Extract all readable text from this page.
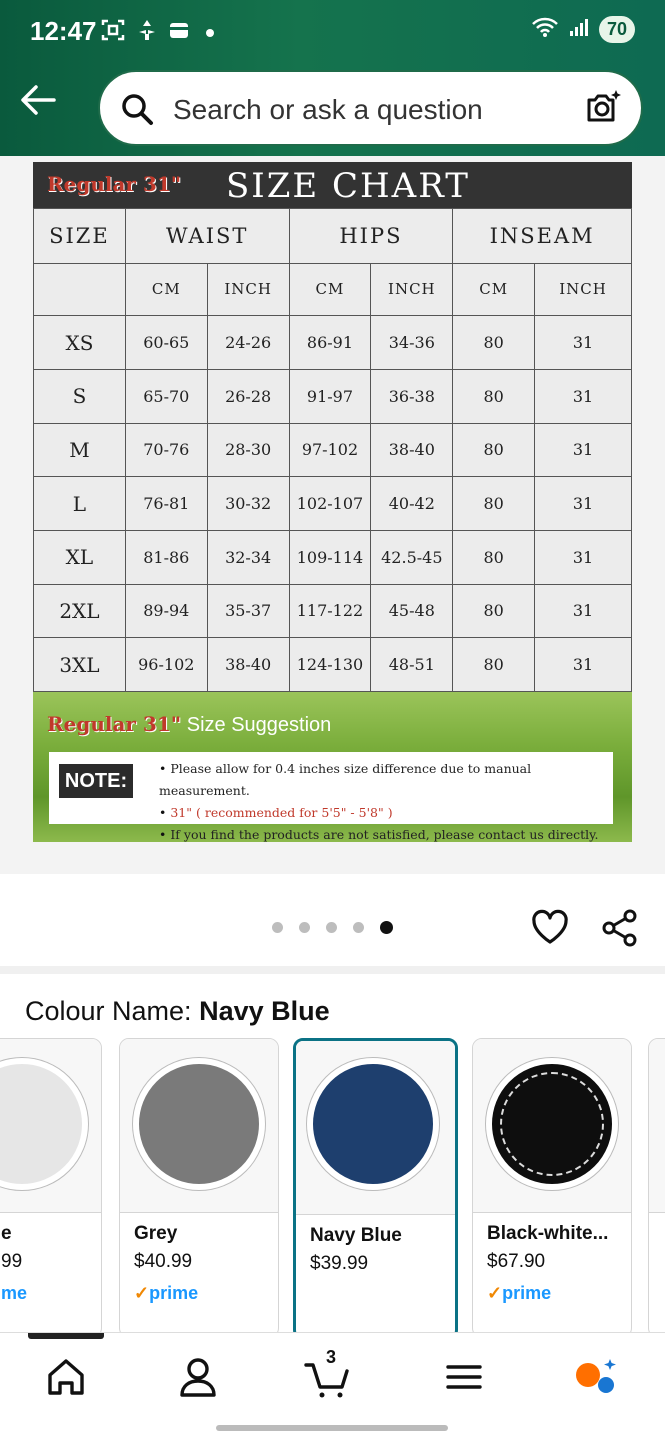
12:47	70
Search or ask a question
Regular 31" SIZE CHART
SIZE	WAIST		HIPS		INSEAM	
	CM	INCH	CM	INCH	CM	INCH
XS	60-65	24-26	86-91	34-36	80	31
S	65-70	26-28	91-97	36-38	80	31
M	70-76	28-30	97-102	38-40	80	31
L	76-81	30-32	102-107	40-42	80	31
XL	81-86	32-34	109-114	42.5-45	80	31
2XL	89-94	35-37	117-122	45-48	80	31
3XL	96-102	38-40	124-130	48-51	80	31
Regular 31" Size Suggestion
NOTE:
• Please allow for 0.4 inches size difference due to manual measurement.
• 31" ( recommended for 5'5" - 5'8" )
• If you find the products are not satisfied, please contact us directly.
Colour Name: Navy Blue
e
99
me
Grey
$40.99
✓prime
Navy Blue
$39.99
Black-white...
$67.90
✓prime
3
